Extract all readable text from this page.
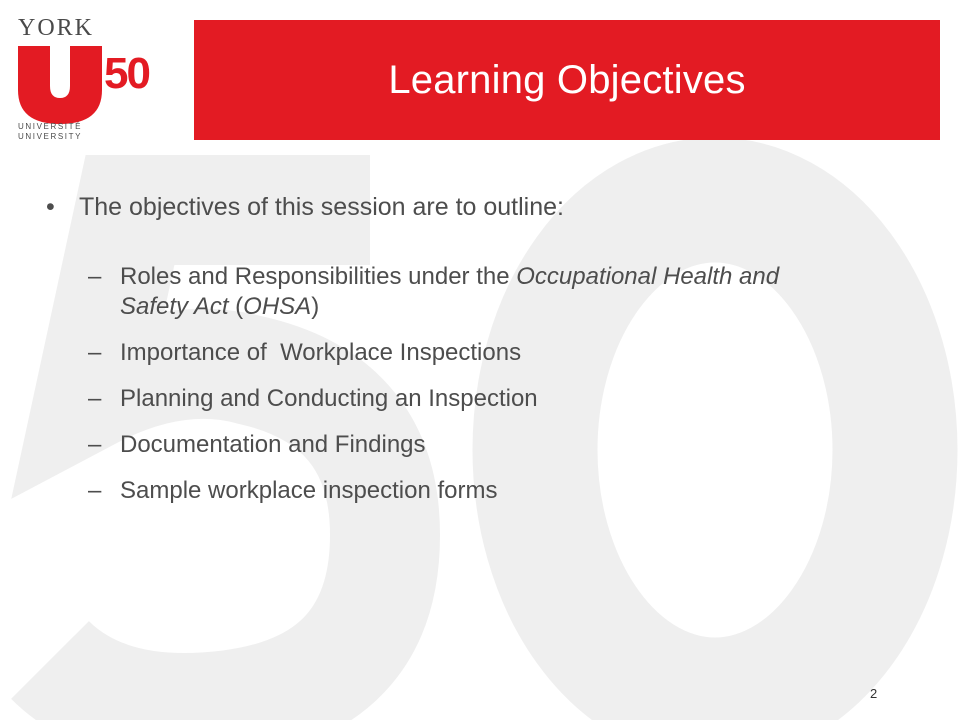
YORK
50
UNIVERSITÉ
UNIVERSITY
Learning Objectives
• The objectives of this session are to outline:
– Roles and Responsibilities under the Occupational Health and Safety Act (OHSA)
– Importance of  Workplace Inspections
– Planning and Conducting an Inspection
– Documentation and Findings
– Sample workplace inspection forms
2
